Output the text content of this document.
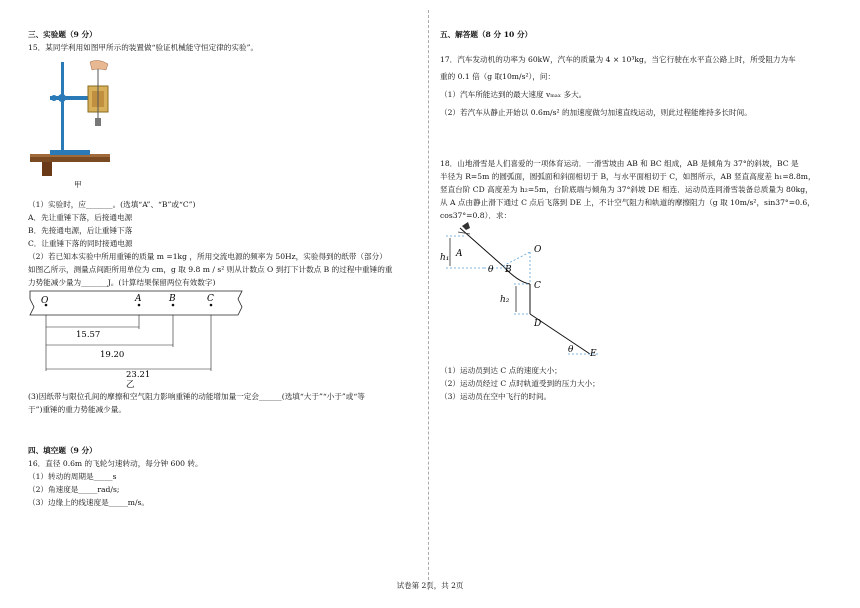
三、实验题（9 分）
15．某同学利用如图甲所示的装置做“验证机械能守恒定律的实验”。
甲
（1）实验时，应_______。(选填“A”、“B”或“C”)
A．先让重锤下落，后接通电源
B．先接通电源，后让重锤下落
C．让重锤下落的同时接通电源
（2）若已知本实验中所用重锤的质量 m =1kg ，所用交流电源的频率为 50Hz，实验得到的纸带（部分）
如图乙所示，测量点间距所用单位为 cm，g 取 9.8 m / s² 则从计数点 O 到打下计数点 B 的过程中重锤的重
力势能减少量为_______J。(计算结果保留两位有效数字)
O	A	B	C
15.57
19.20
23.21
乙
(3)因纸带与限位孔间的摩擦和空气阻力影响重锤的动能增加量一定会______(选填“大于”“小于”或“等
于”)重锤的重力势能减少量。
四、填空题（9 分）
16．直径 0.6m 的飞轮匀速转动，每分钟 600 转。
（1）转动的周期是_____s
（2）角速度是_____rad/s;
（3）边缘上的线速度是_____m/s。
五、解答题（8 分 10 分）
17．汽车发动机的功率为 60kW，汽车的质量为 4 × 10³kg，当它行驶在水平直公路上时，所受阻力为车
重的 0.1 倍（g 取10m/s²），问：
（1）汽车所能达到的最大速度 vₘₐₓ 多大。
（2）若汽车从静止开始以 0.6m/s² 的加速度做匀加速直线运动，则此过程能维持多长时间。
18．山地滑雪是人们喜爱的一项体育运动．一滑雪坡由 AB 和 BC 组成，AB 是倾角为 37°的斜坡，BC 是
半径为 R=5m 的圆弧面，圆弧面和斜面相切于 B，与水平面相切于 C，如图所示，AB 竖直高度差 h₁=8.8m，
竖直台阶 CD 高度差为 h₂=5m，台阶底端与倾角为 37°斜坡 DE 相连．运动员连同滑雪装备总质量为 80kg，
从 A 点由静止滑下通过 C 点后飞落到 DE 上，不计空气阻力和轨道的摩擦阻力（g 取 10m/s²，sin37°=0.6，
cos37°=0.8）．求：
A
B
C
D
E
O
h₁
h₂
θ
θ
（1）运动员到达 C 点的速度大小；
（2）运动员经过 C 点时轨道受到的压力大小；
（3）运动员在空中飞行的时间。
试卷第 2页，共 2页
